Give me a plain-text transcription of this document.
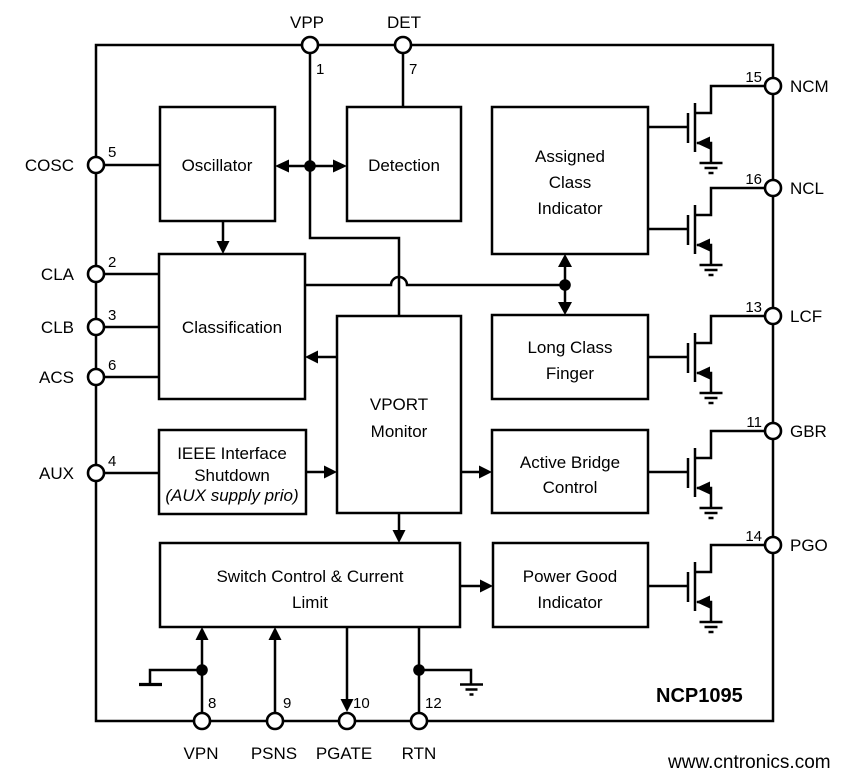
Oscillator	Detection	Assigned
Class
Indicator
Classification
VPORT
Monitor
Long Class
Finger
IEEE Interface
Shutdown
(AUX supply prio)
Active Bridge
Control
Switch Control & Current
Limit
Power Good
Indicator
VPP
1
DET
7
COSC
5
CLA
2
CLB
3
ACS
6
AUX
4
NCM
15
NCL
16
LCF
13
GBR
11
PGO
14
VPN
8
PSNS
9
PGATE
10
RTN
12	NCP1095
www.cntronics.com
